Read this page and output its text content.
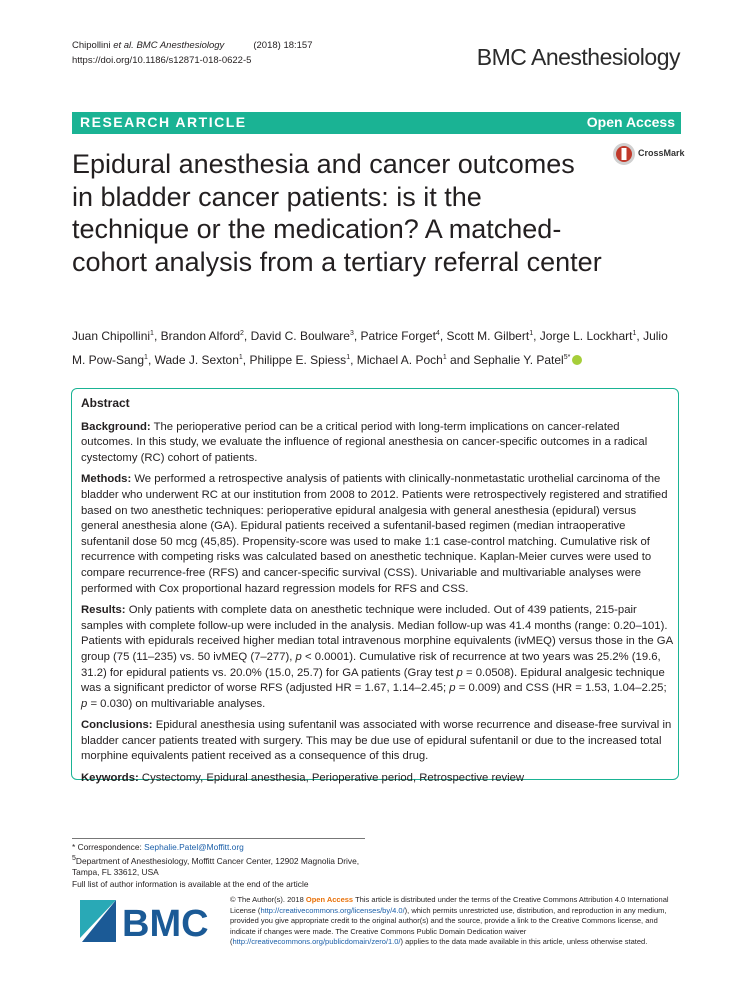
Chipollini et al. BMC Anesthesiology	(2018) 18:157
https://doi.org/10.1186/s12871-018-0622-5	BMC Anesthesiology
RESEARCH ARTICLE	Open Access
Epidural anesthesia and cancer outcomes in bladder cancer patients: is it the technique or the medication? A matched-cohort analysis from a tertiary referral center
CrossMark
Juan Chipollini$^1$, Brandon Alford$^2$, David C. Boulware$^3$, Patrice Forget$^4$, Scott M. Gilbert$^1$, Jorge L. Lockhart$^1$, Julio M. Pow-Sang$^1$, Wade J. Sexton$^1$, Philippe E. Spiess$^1$, Michael A. Poch$^1$ and Sephalie Y. Patel$^{5*}$
Abstract

Background: The perioperative period can be a critical period with long-term implications on cancer-related outcomes. In this study, we evaluate the influence of regional anesthesia on cancer-specific outcomes in a radical cystectomy (RC) cohort of patients.

Methods: We performed a retrospective analysis of patients with clinically-nonmetastatic urothelial carcinoma of the bladder who underwent RC at our institution from 2008 to 2012. Patients were retrospectively registered and stratified based on two anesthetic techniques: perioperative epidural analgesia with general anesthesia (epidural) versus general anesthesia alone (GA). Epidural patients received a sufentanil-based regimen (median intraoperative sufentanil dose 50 mcg (45,85). Propensity-score was used to make 1:1 case-control matching. Cumulative risk of recurrence with competing risks was calculated based on anesthetic technique. Kaplan-Meier curves were used to compare recurrence-free (RFS) and cancer-specific survival (CSS). Univariable and multivariable analyses were performed with Cox proportional hazard regression models for RFS and CSS.

Results: Only patients with complete data on anesthetic technique were included. Out of 439 patients, 215-pair samples with complete follow-up were included in the analysis. Median follow-up was 41.4 months (range: 0.20–101). Patients with epidurals received higher median total intravenous morphine equivalents (ivMEQ) versus those in the GA group (75 (11–235) vs. 50 ivMEQ (7–277), p < 0.0001). Cumulative risk of recurrence at two years was 25.2% (19.6, 31.2) for epidural patients vs. 20.0% (15.0, 25.7) for GA patients (Gray test p = 0.0508). Epidural analgesic technique was a significant predictor of worse RFS (adjusted HR = 1.67, 1.14–2.45; p = 0.009) and CSS (HR = 1.53, 1.04–2.25; p = 0.030) on multivariable analyses.

Conclusions: Epidural anesthesia using sufentanil was associated with worse recurrence and disease-free survival in bladder cancer patients treated with surgery. This may be due use of epidural sufentanil or due to the increased total morphine equivalents patient received as a consequence of this drug.

Keywords: Cystectomy, Epidural anesthesia, Perioperative period, Retrospective review

* Correspondence: Sephalie.Patel@Moffitt.org
$^5$Department of Anesthesiology, Moffitt Cancer Center, 12902 Magnolia Drive, Tampa, FL 33612, USA
Full list of author information is available at the end of the article
BMC
© The Author(s). 2018 Open Access This article is distributed under the terms of the Creative Commons Attribution 4.0 International License (http://creativecommons.org/licenses/by/4.0/), which permits unrestricted use, distribution, and reproduction in any medium, provided you give appropriate credit to the original author(s) and the source, provide a link to the Creative Commons license, and indicate if changes were made. The Creative Commons Public Domain Dedication waiver (http://creativecommons.org/publicdomain/zero/1.0/) applies to the data made available in this article, unless otherwise stated.
